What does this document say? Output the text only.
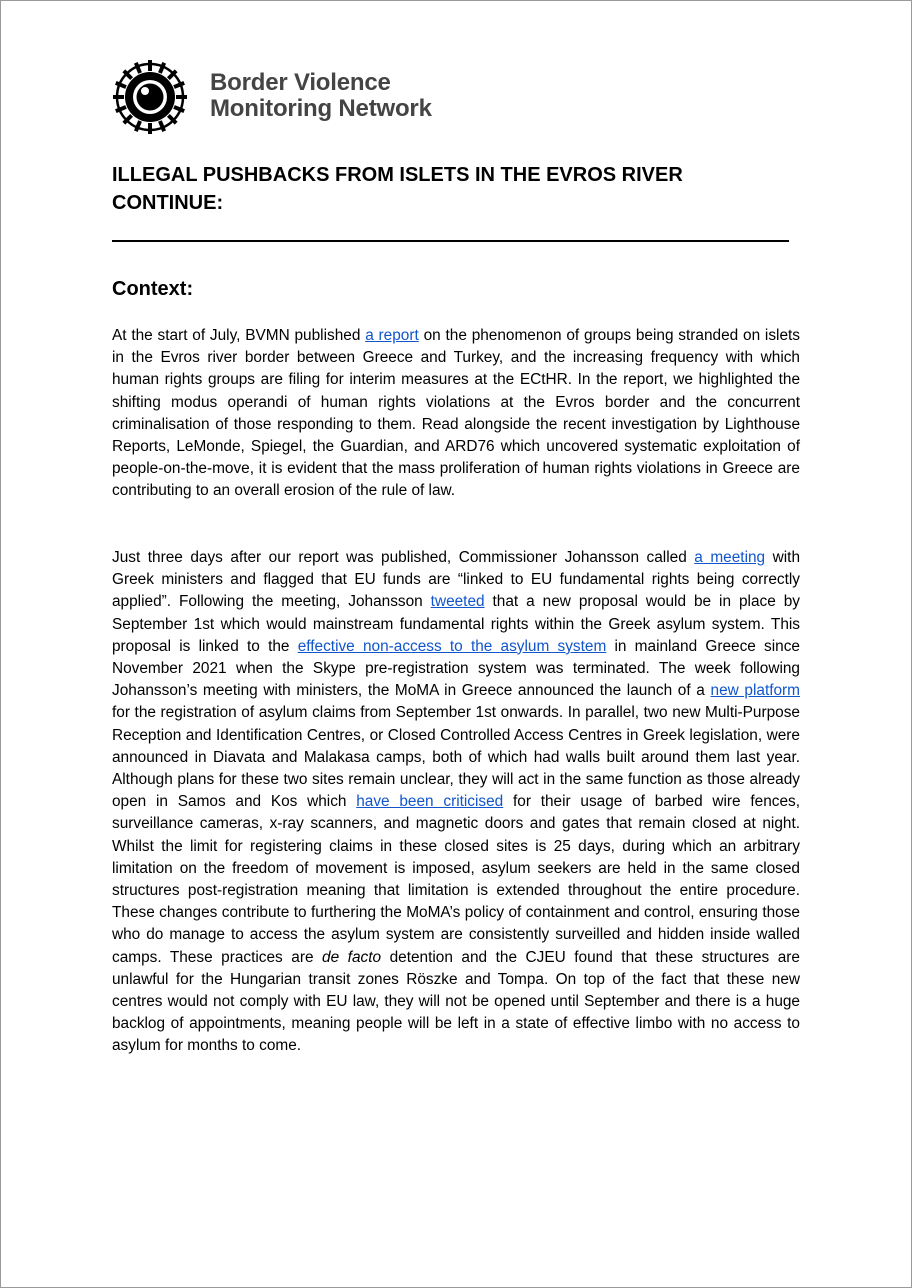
Border Violence
Monitoring Network
ILLEGAL PUSHBACKS FROM ISLETS IN THE EVROS RIVER CONTINUE:
Context:

At the start of July, BVMN published a report on the phenomenon of groups being stranded on islets in the Evros river border between Greece and Turkey, and the increasing frequency with which human rights groups are filing for interim measures at the ECtHR. In the report, we highlighted the shifting modus operandi of human rights violations at the Evros border and the concurrent criminalisation of those responding to them. Read alongside the recent investigation by Lighthouse Reports, LeMonde, Spiegel, the Guardian, and ARD76 which uncovered systematic exploitation of people-on-the-move, it is evident that the mass proliferation of human rights violations in Greece are contributing to an overall erosion of the rule of law.

Just three days after our report was published, Commissioner Johansson called a meeting with Greek ministers and flagged that EU funds are “linked to EU fundamental rights being correctly applied”. Following the meeting, Johansson tweeted that a new proposal would be in place by September 1st which would mainstream fundamental rights within the Greek asylum system. This proposal is linked to the effective non-access to the asylum system in mainland Greece since November 2021 when the Skype pre-registration system was terminated. The week following Johansson’s meeting with ministers, the MoMA in Greece announced the launch of a new platform for the registration of asylum claims from September 1st onwards. In parallel, two new Multi-Purpose Reception and Identification Centres, or Closed Controlled Access Centres in Greek legislation, were announced in Diavata and Malakasa camps, both of which had walls built around them last year. Although plans for these two sites remain unclear, they will act in the same function as those already open in Samos and Kos which have been criticised for their usage of barbed wire fences, surveillance cameras, x-ray scanners, and magnetic doors and gates that remain closed at night. Whilst the limit for registering claims in these closed sites is 25 days, during which an arbitrary limitation on the freedom of movement is imposed, asylum seekers are held in the same closed structures post-registration meaning that limitation is extended throughout the entire procedure. These changes contribute to furthering the MoMA’s policy of containment and control, ensuring those who do manage to access the asylum system are consistently surveilled and hidden inside walled camps. These practices are de facto detention and the CJEU found that these structures are unlawful for the Hungarian transit zones Röszke and Tompa. On top of the fact that these new centres would not comply with EU law, they will not be opened until September and there is a huge backlog of appointments, meaning people will be left in a state of effective limbo with no access to asylum for months to come.
